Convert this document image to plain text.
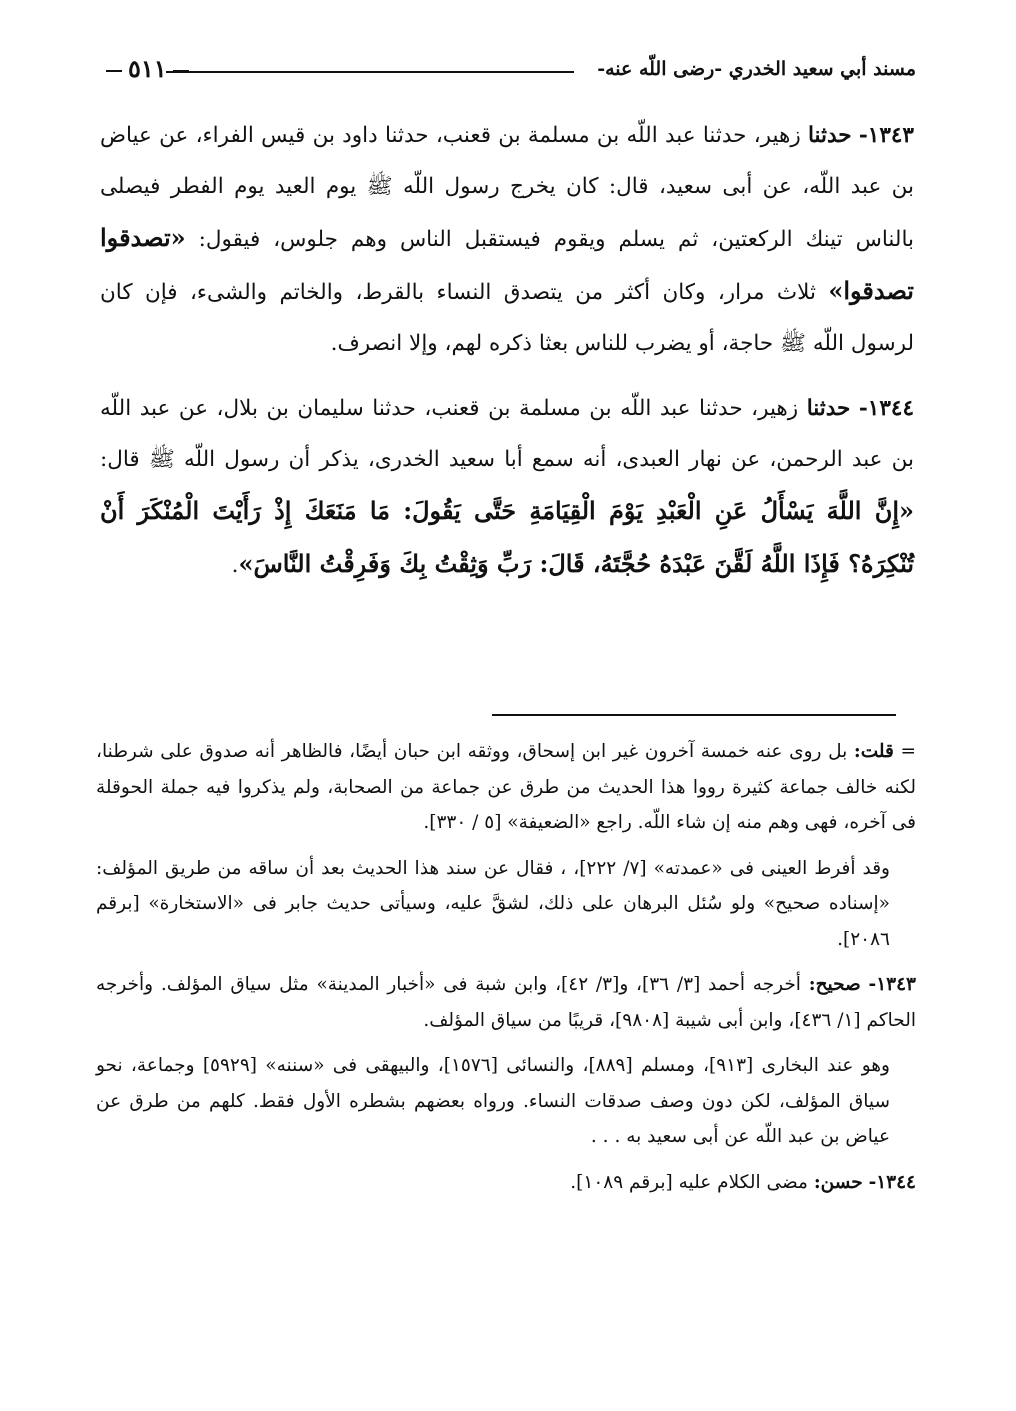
مسند أبي سعيد الخدري -رضى اللّه عنه-
٥١١

١٣٤٣- حدثنا زهير، حدثنا عبد اللّه بن مسلمة بن قعنب، حدثنا داود بن قيس الفراء، عن عياض بن عبد اللّه، عن أبى سعيد، قال: كان يخرج رسول اللّه ﷺ يوم العيد يوم الفطر فيصلى بالناس تينك الركعتين، ثم يسلم ويقوم فيستقبل الناس وهم جلوس، فيقول: «تصدقوا تصدقوا» ثلاث مرار، وكان أكثر من يتصدق النساء بالقرط، والخاتم والشىء، فإن كان لرسول اللّه ﷺ حاجة، أو يضرب للناس بعثا ذكره لهم، وإلا انصرف.

١٣٤٤- حدثنا زهير، حدثنا عبد اللّه بن مسلمة بن قعنب، حدثنا سليمان بن بلال، عن عبد اللّه بن عبد الرحمن، عن نهار العبدى، أنه سمع أبا سعيد الخدرى، يذكر أن رسول اللّه ﷺ قال: «إِنَّ اللَّهَ يَسْأَلُ عَنِ الْعَبْدِ يَوْمَ الْقِيَامَةِ حَتَّى يَقُولَ: مَا مَنَعَكَ إِذْ رَأَيْتَ الْمُنْكَرَ أَنْ تُنْكِرَهُ؟ فَإِذَا اللَّهُ لَقَّنَ عَبْدَهُ حُجَّتَهُ، قَالَ: رَبِّ وَثِقْتُ بِكَ وَفَرِقْتُ النَّاسَ».

= قلت: بل روى عنه خمسة آخرون غير ابن إسحاق، ووثقه ابن حبان أيضًا، فالظاهر أنه صدوق على شرطنا، لكنه خالف جماعة كثيرة رووا هذا الحديث من طرق عن جماعة من الصحابة، ولم يذكروا فيه جملة الحوقلة فى آخره، فهى وهم منه إن شاء اللّه. راجع «الضعيفة» [٥ / ٣٣٠].

وقد أفرط العينى فى «عمدته» [٧/ ٢٢٢]، ، فقال عن سند هذا الحديث بعد أن ساقه من طريق المؤلف: «إسناده صحيح» ولو سُئل البرهان على ذلك، لشقَّ عليه، وسيأتى حديث جابر فى «الاستخارة» [برقم ٢٠٨٦].

١٣٤٣- صحيح: أخرجه أحمد [٣/ ٣٦]، و[٣/ ٤٢]، وابن شبة فى «أخبار المدينة» مثل سياق المؤلف. وأخرجه الحاكم [١/ ٤٣٦]، وابن أبى شيبة [٩٨٠٨]، قريبًا من سياق المؤلف.

وهو عند البخارى [٩١٣]، ومسلم [٨٨٩]، والنسائى [١٥٧٦]، والبيهقى فى «سننه» [٥٩٢٩] وجماعة، نحو سياق المؤلف، لكن دون وصف صدقات النساء. ورواه بعضهم بشطره الأول فقط. كلهم من طرق عن عياض بن عبد اللّه عن أبى سعيد به . . .

١٣٤٤- حسن: مضى الكلام عليه [برقم ١٠٨٩].
